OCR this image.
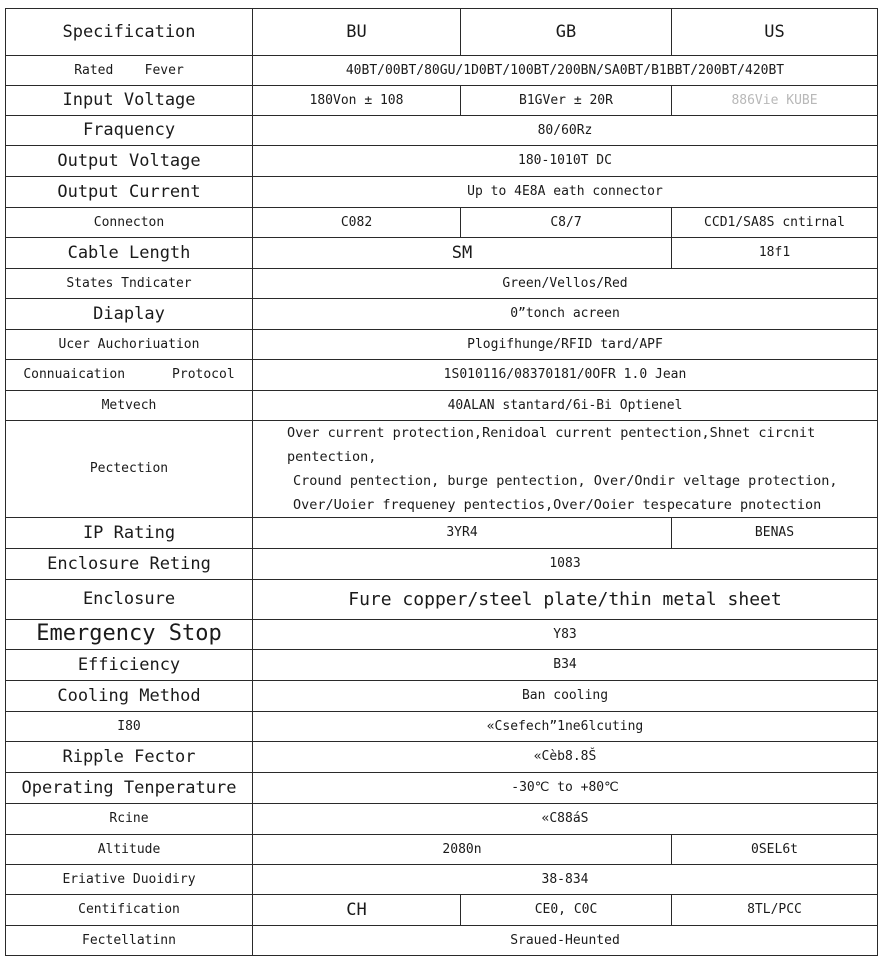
Specification	BU	GB	US
Rated    Fever	40BT/00BT/80GU/1D0BT/100BT/200BN/SA0BT/B1BBT/200BT/420BT		
Input Voltage	180Von ± 108	B1GVer ± 20R	886Vie KUBE
Fraquency	80/60Rz		
Output Voltage	180-1010T DC		
Output Current	Up to 4E8A eath connector		
Connecton	C082	C8/7	CCD1/SA8S cntirnal
Cable Length	SM		18f1
States Tndicater	Green/Vellos/Red		
Diaplay	0”tonch acreen		
Ucer Auchoriuation	Plogifhunge/RFID tard/APF		
Connuaication      Protocol	1S010116/08370181/0OFR 1.0 Jean		
Metvech	40ALAN stantard/6i-Bi Optienel		
Pectection	Over current protection,Renidoal current pentection,Shnet circnit pentection,
Cround pentection, burge pentection, Over/Ondir veltage protection,
Over/Uoier frequeney pentectios,Over/Ooier tespecature pnotection		

IP Rating	3YR4		BENAS
Enclosure Reting	1083		
Enclosure	Fure copper/steel plate/thin metal sheet		
Emergency Stop	Y83		
Efficiency	B34		
Cooling Method	Ban cooling		
I80	«Csefech”1ne6lcuting		
Ripple Fector	«Cèb8.8Š		
Operating Tenperature	-30℃ to +80℃		
Rcine	«C88áS		
Altitude	2080n		0SEL6t
Eriative Duoidiry	38-834		
Centification	CH	CE0, C0C	8TL/PCC
Fectellatinn	Sraued-Heunted		
